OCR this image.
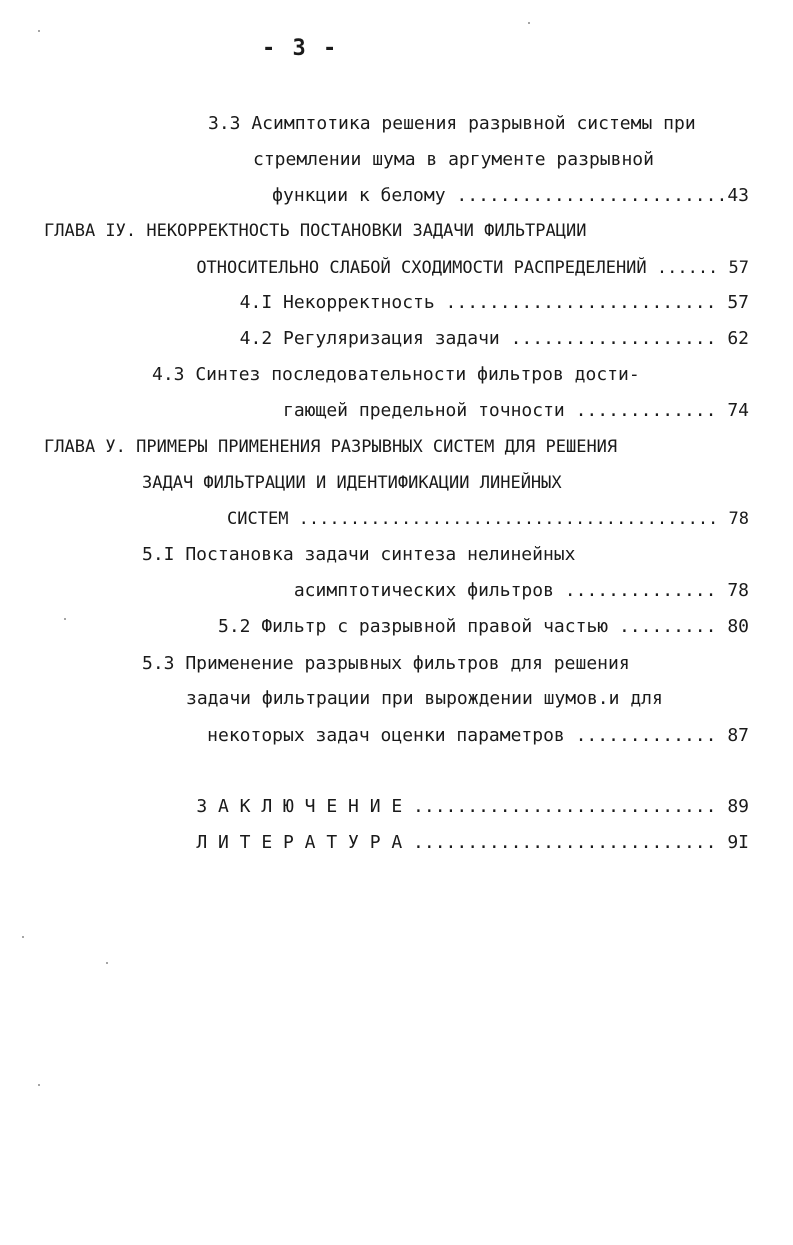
- 3 -
3.3 Асимптотика решения разрывной системы при
стремлении шума в аргументе разрывной
функции к белому .........................43
ГЛАВА IУ. НЕКОРРЕКТНОСТЬ ПОСТАНОВКИ ЗАДАЧИ ФИЛЬТРАЦИИ
ОТНОСИТЕЛЬНО СЛАБОЙ СХОДИМОСТИ РАСПРЕДЕЛЕНИЙ ...... 57
4.I Некорректность ......................... 57
4.2 Регуляризация задачи ................... 62
4.3 Синтез последовательности фильтров дости-
гающей предельной точности ............. 74
ГЛАВА У. ПРИМЕРЫ ПРИМЕНЕНИЯ РАЗРЫВНЫХ СИСТЕМ ДЛЯ РЕШЕНИЯ
ЗАДАЧ ФИЛЬТРАЦИИ И ИДЕНТИФИКАЦИИ ЛИНЕЙНЫХ
СИСТЕМ ......................................... 78
5.I Постановка задачи синтеза нелинейных
асимптотических фильтров .............. 78
5.2 Фильтр с разрывной правой частью ......... 80
5.3 Применение разрывных фильтров для решения
задачи фильтрации при вырождении шумов.и для
некоторых задач оценки параметров ............. 87
З А К Л Ю Ч Е Н И Е ............................ 89
Л И Т Е Р А Т У Р А ............................ 9I
